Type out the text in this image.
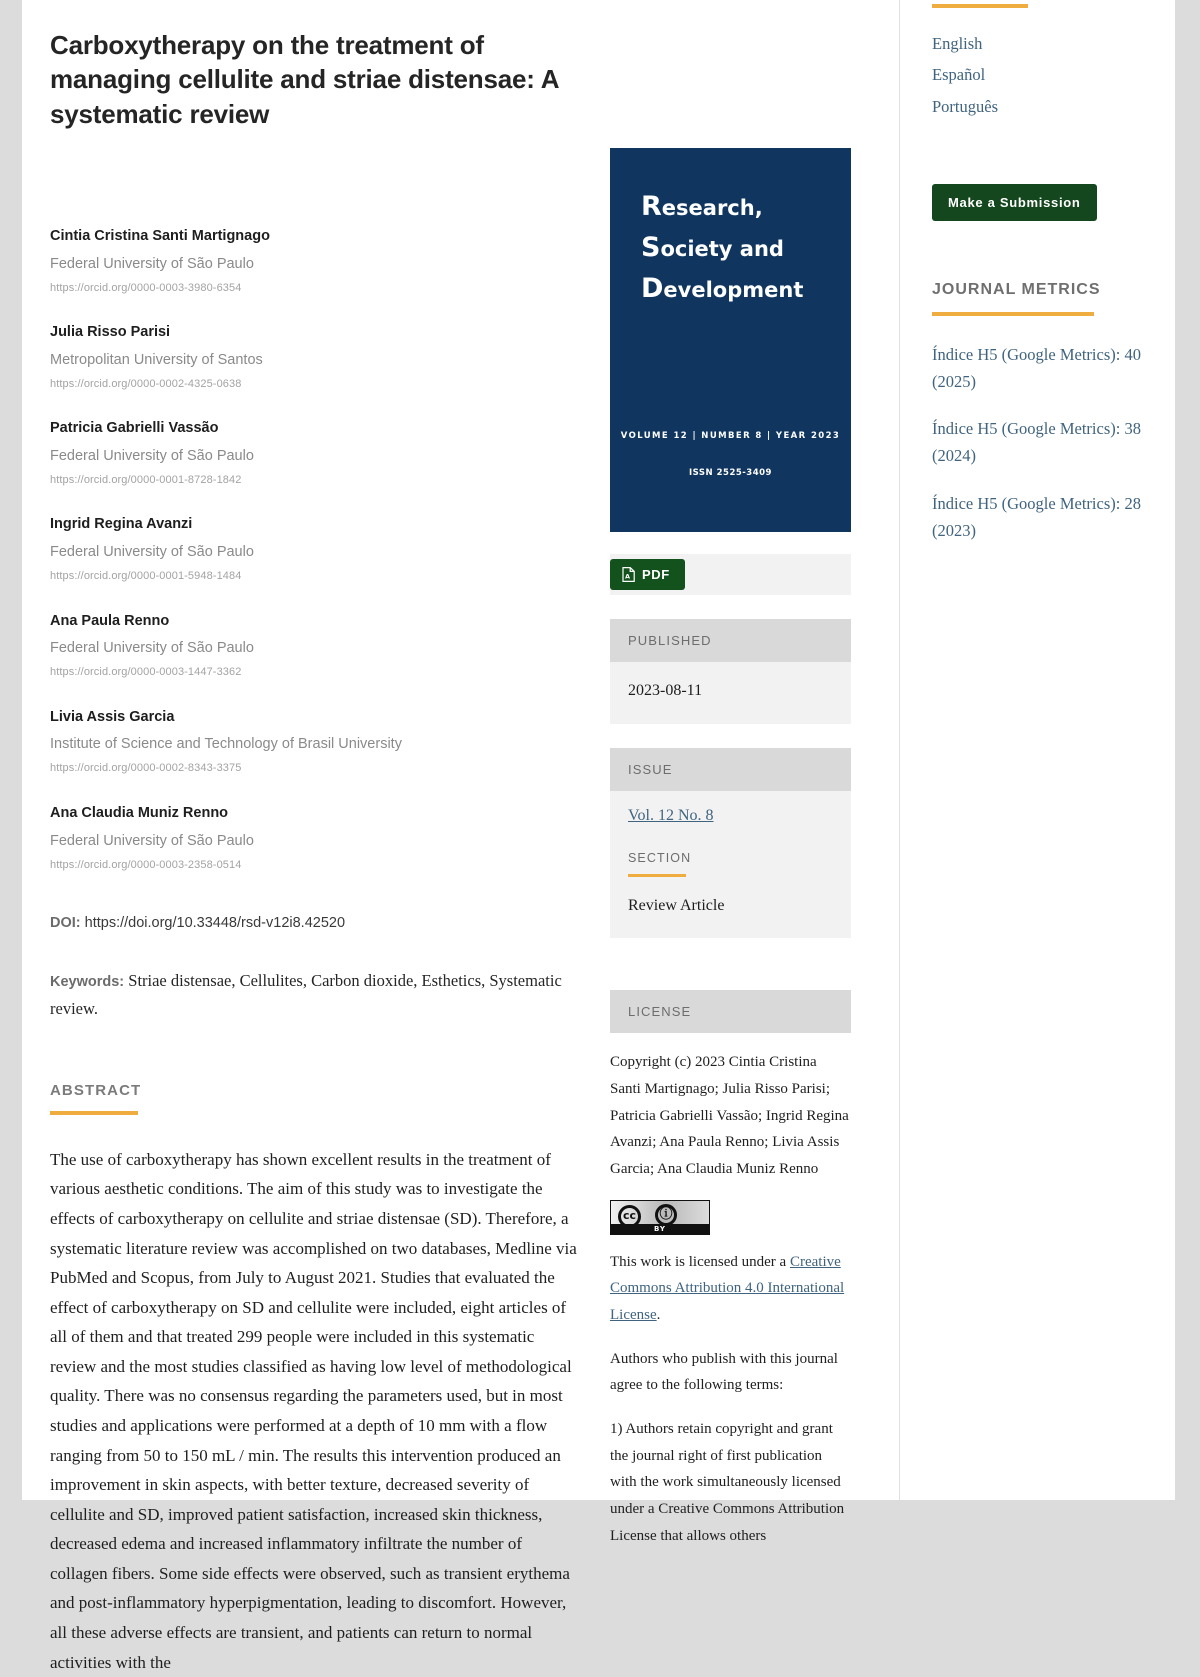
Carboxytherapy on the treatment of managing cellulite and striae distensae: A systematic review
Cintia Cristina Santi Martignago
Federal University of São Paulo
https://orcid.org/0000-0003-3980-6354
Julia Risso Parisi
Metropolitan University of Santos
https://orcid.org/0000-0002-4325-0638
Patricia Gabrielli Vassão
Federal University of São Paulo
https://orcid.org/0000-0001-8728-1842
Ingrid Regina Avanzi
Federal University of São Paulo
https://orcid.org/0000-0001-5948-1484
Ana Paula Renno
Federal University of São Paulo
https://orcid.org/0000-0003-1447-3362
Livia Assis Garcia
Institute of Science and Technology of Brasil University
https://orcid.org/0000-0002-8343-3375
Ana Claudia Muniz Renno
Federal University of São Paulo
https://orcid.org/0000-0003-2358-0514
DOI: https://doi.org/10.33448/rsd-v12i8.42520
Keywords: Striae distensae, Cellulites, Carbon dioxide, Esthetics, Systematic review.
ABSTRACT
The use of carboxytherapy has shown excellent results in the treatment of various aesthetic conditions. The aim of this study was to investigate the effects of carboxytherapy on cellulite and striae distensae (SD). Therefore, a systematic literature review was accomplished on two databases, Medline via PubMed and Scopus, from July to August 2021. Studies that evaluated the effect of carboxytherapy on SD and cellulite were included, eight articles of all of them and that treated 299 people were included in this systematic review and the most studies classified as having low level of methodological quality. There was no consensus regarding the parameters used, but in most studies and applications were performed at a depth of 10 mm with a flow ranging from 50 to 150 mL / min. The results this intervention produced an improvement in skin aspects, with better texture, decreased severity of cellulite and SD, improved patient satisfaction, increased skin thickness, decreased edema and increased inflammatory infiltrate the number of collagen fibers. Some side effects were observed, such as transient erythema and post-inflammatory hyperpigmentation, leading to discomfort. However, all these adverse effects are transient, and patients can return to normal activities with the
Research,
Society and
Development
VOLUME 12 | NUMBER 8 | YEAR 2023
ISSN 2525-3409
A PDF
PUBLISHED
2023-08-11
ISSUE
Vol. 12 No. 8
SECTION
Review Article
LICENSE

Copyright (c) 2023 Cintia Cristina Santi Martignago; Julia Risso Parisi; Patricia Gabrielli Vassão; Ingrid Regina Avanzi; Ana Paula Renno; Livia Assis Garcia; Ana Claudia Muniz Renno

cc	ⓘ
BY

This work is licensed under a Creative Commons Attribution 4.0 International License.

Authors who publish with this journal agree to the following terms:

1) Authors retain copyright and grant the journal right of first publication with the work simultaneously licensed under a Creative Commons Attribution License that allows others

English
Español
Português
Make a Submission
JOURNAL METRICS
Índice H5 (Google Metrics): 40 (2025)
Índice H5 (Google Metrics): 38 (2024)
Índice H5 (Google Metrics): 28 (2023)
